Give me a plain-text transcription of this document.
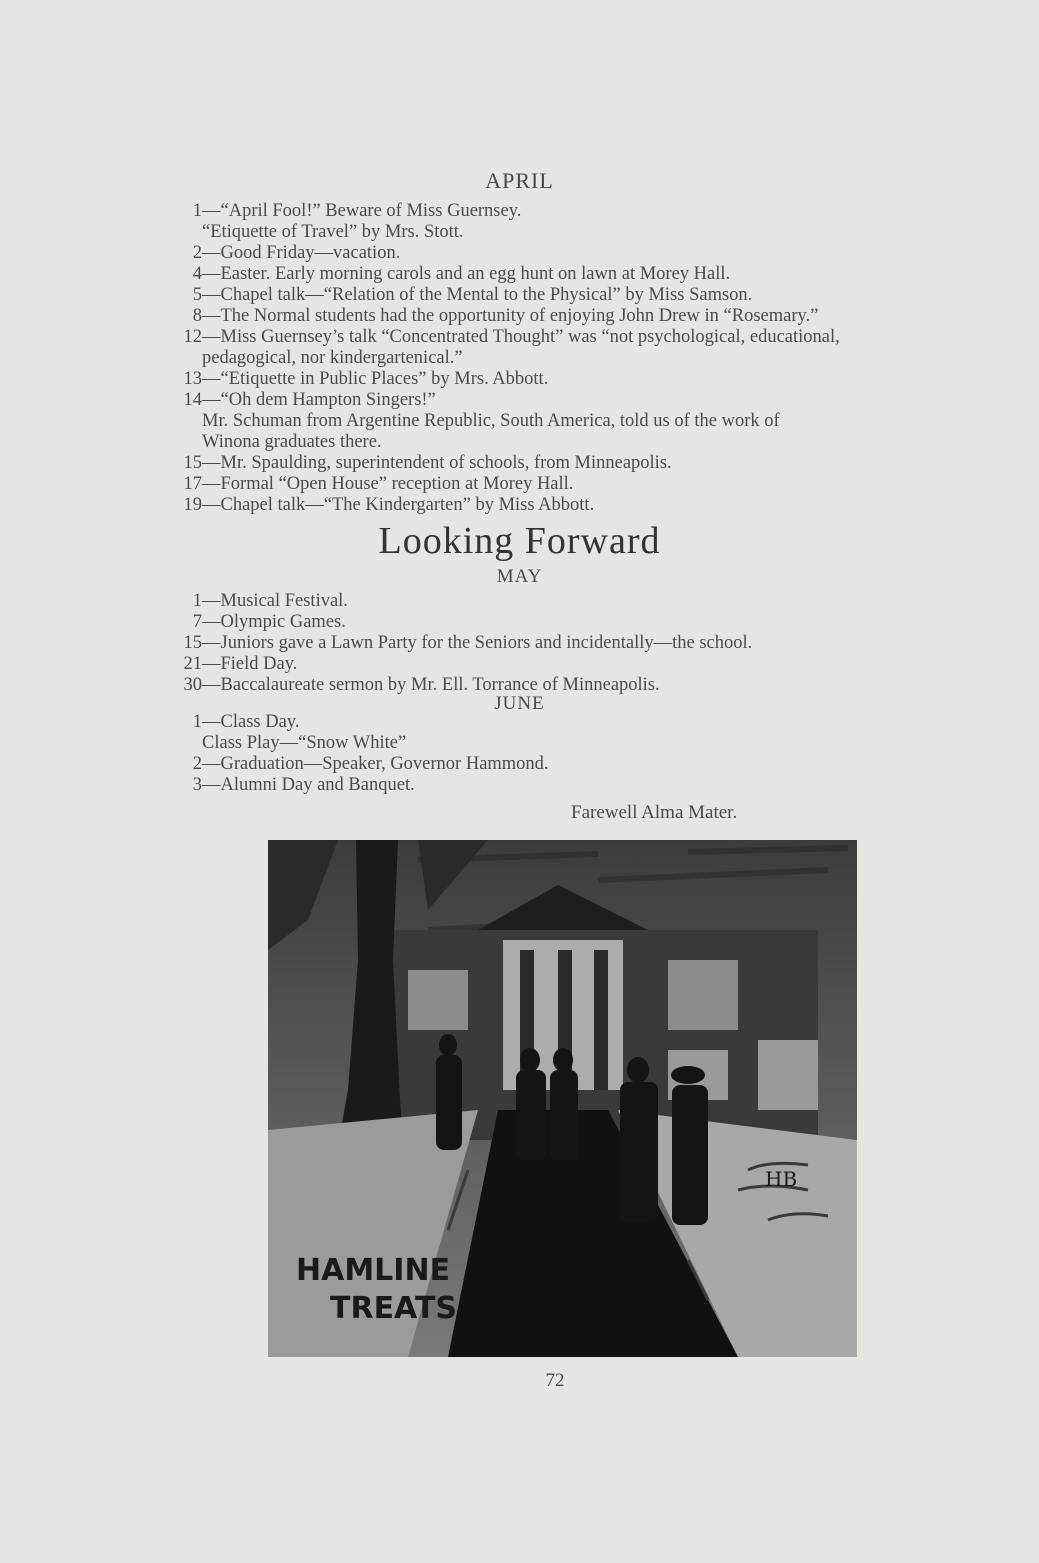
APRIL
1 —“April Fool!” Beware of Miss Guernsey.
“Etiquette of Travel” by Mrs. Stott.
2 —Good Friday—vacation.
4 —Easter. Early morning carols and an egg hunt on lawn at Morey Hall.
5 —Chapel talk—“Relation of the Mental to the Physical” by Miss Samson.
8 —The Normal students had the opportunity of enjoying John Drew in “Rosemary.”
12 —Miss Guernsey’s talk “Concentrated Thought” was “not psychological, educational,
pedagogical, nor kindergartenical.”
13 —“Etiquette in Public Places” by Mrs. Abbott.
14 —“Oh dem Hampton Singers!”
Mr. Schuman from Argentine Republic, South America, told us of the work of
Winona graduates there.
15 —Mr. Spaulding, superintendent of schools, from Minneapolis.
17 —Formal “Open House” reception at Morey Hall.
19 —Chapel talk—“The Kindergarten” by Miss Abbott.
Looking Forward
MAY
1 —Musical Festival.
7 —Olympic Games.
15 —Juniors gave a Lawn Party for the Seniors and incidentally—the school.
21 —Field Day.
30 —Baccalaureate sermon by Mr. Ell. Torrance of Minneapolis.
JUNE
1 —Class Day.
Class Play—“Snow White”
2 —Graduation—Speaker, Governor Hammond.
3 —Alumni Day and Banquet.
Farewell Alma Mater.
HAMLINE
TREATS
HB
72
